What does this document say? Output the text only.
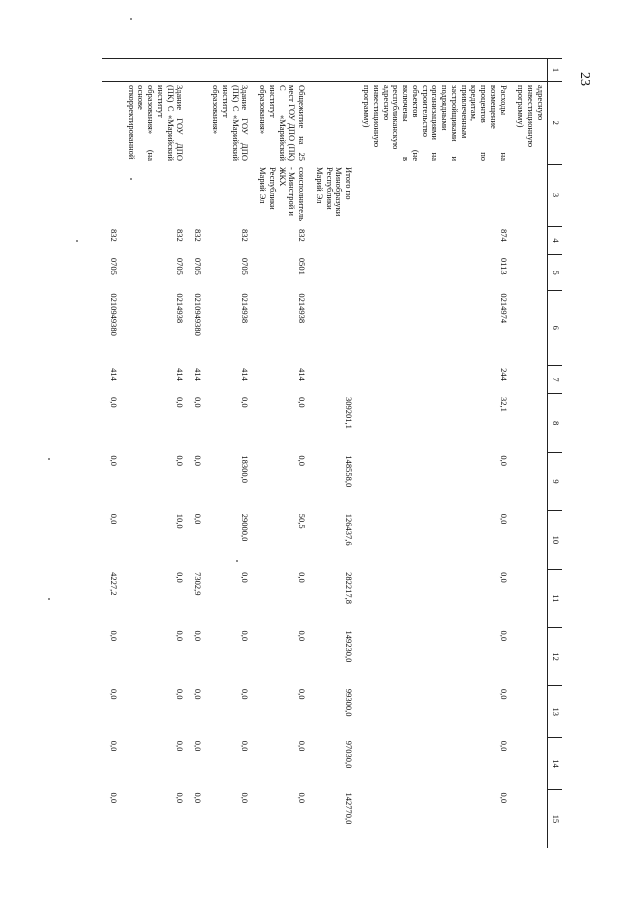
23
1	2	3	4	5	6	7	8	9	10	11	12	13	14	15
	адресную инвестиционную программу)													
	Расходы на возмещение процентов по кредитам, привлеченным застройщиками и подрядными организациями на строительство объектов (не включены в республиканскую адресную инвестиционную программу)		874	0113	0214974	244	32,1	0,0	0,0	0,0	0,0	0,0	0,0	0,0
		Итого по Минобразуки Республики Марий Эл					309201,1	148558,0	126437,6	282217,8	149230,0	99300,0	97030,0	142770,0
	Общежитие на 25 мест ГОУ ДПО (ПК) С «Марийский институт образования»	соисполнитель - Минстрой и ЖКХ Республики Марий Эл	832	0501	0214938	414	0,0	0,0	50,5	0,0	0,0	0,0	0,0	0,0
	Здание ГОУ ДПО (ПК) С «Марийский институт образования»		832	0705	0214938	414	0,0	18300,0	29000,0	0,0	0,0	0,0	0,0	0,0
			832	0705	0210949380	414	0,0	0,0	0,0	7302,9	0,0	0,0	0,0	0,0
	Здание ГОУ ДПО (ПК) С «Марийский институт образования» (на основе откорректированной		832	0705	0214938	414	0,0	0,0	10,0	0,0	0,0	0,0	0,0	0,0
			832	0705	0210949380	414	0,0	0,0	0,0	4227,2	0,0	0,0	0,0	0,0
